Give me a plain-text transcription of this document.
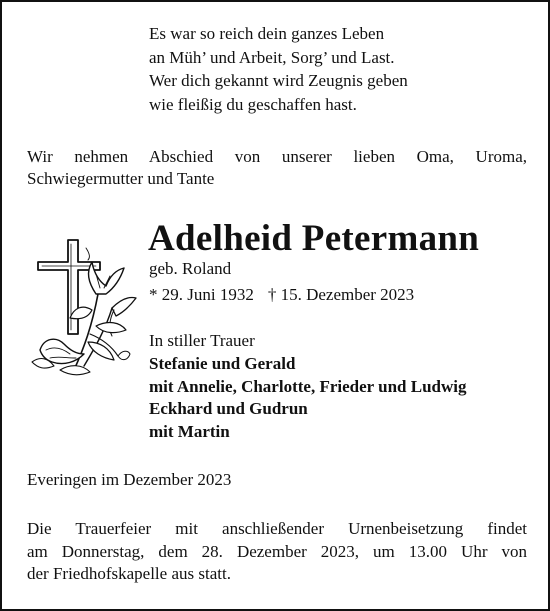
Es war so reich dein ganzes Leben
an Müh’ und Arbeit, Sorg’ und Last.
Wer dich gekannt wird Zeugnis geben
wie fleißig du geschaffen hast.
Wir nehmen Abschied von unserer lieben Oma, Uroma,
Schwiegermutter und Tante
Adelheid Petermann
geb. Roland
* 29. Juni 1932 † 15. Dezember 2023
In stiller Trauer
Stefanie und Gerald
mit Annelie, Charlotte, Frieder und Ludwig
Eckhard und Gudrun
mit Martin
Everingen im Dezember 2023
Die Trauerfeier mit anschließender Urnenbeisetzung findet
am Donnerstag, dem 28. Dezember 2023, um 13.00 Uhr von
der Friedhofskapelle aus statt.
